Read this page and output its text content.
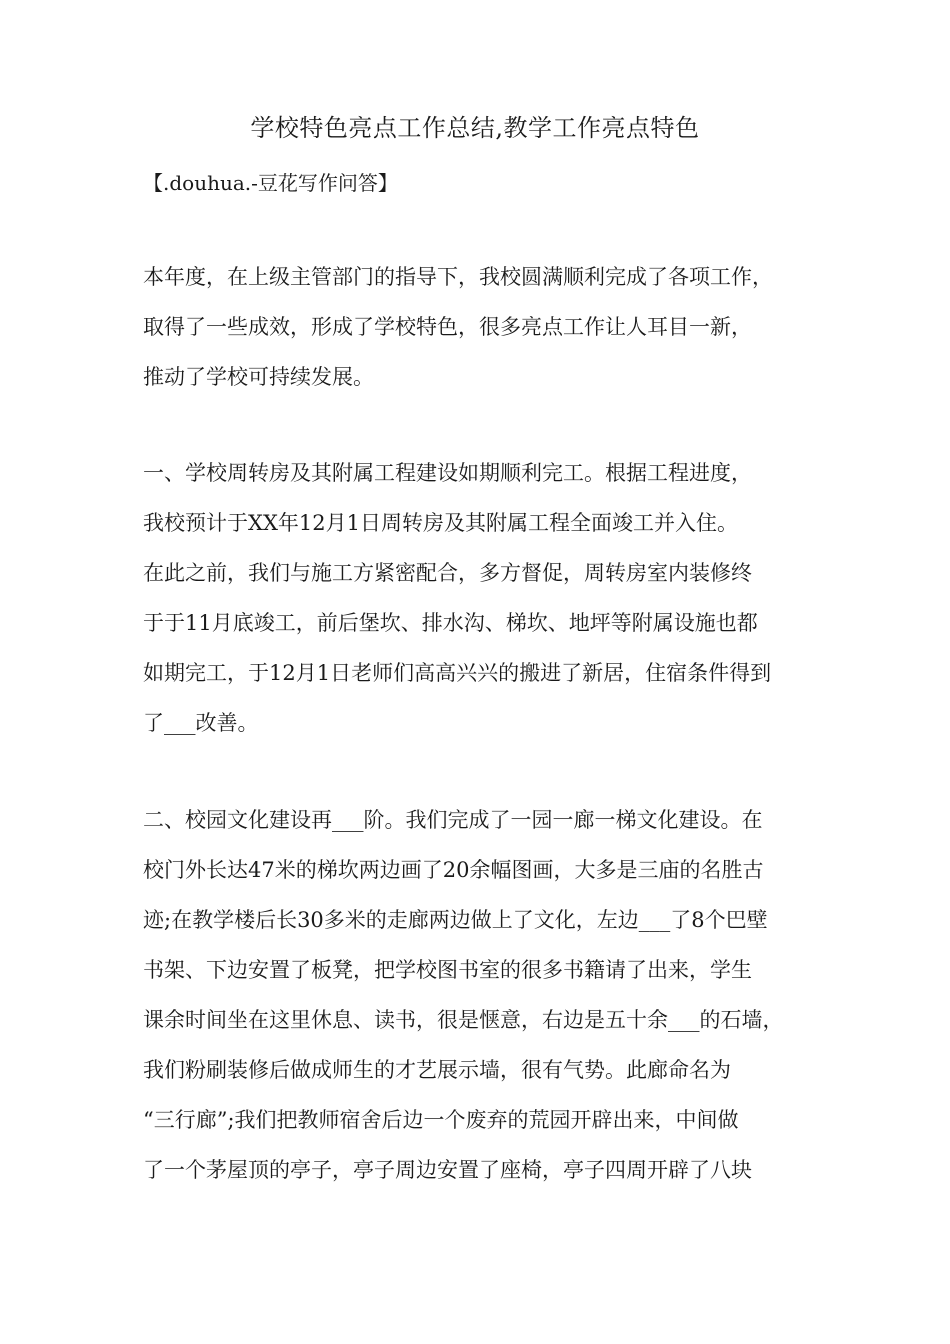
学校特色亮点工作总结,教学工作亮点特色
【.douhua.-豆花写作问答】
本年度，在上级主管部门的指导下，我校圆满顺利完成了各项工作，
取得了一些成效，形成了学校特色，很多亮点工作让人耳目一新，
推动了学校可持续发展。
一、学校周转房及其附属工程建设如期顺利完工。根据工程进度，
我校预计于XX年12月1日周转房及其附属工程全面竣工并入住。
在此之前，我们与施工方紧密配合，多方督促，周转房室内装修终
于于11月底竣工，前后堡坎、排水沟、梯坎、地坪等附属设施也都
如期完工，于12月1日老师们高高兴兴的搬进了新居，住宿条件得到
了___改善。
二、校园文化建设再___阶。我们完成了一园一廊一梯文化建设。在
校门外长达47米的梯坎两边画了20余幅图画，大多是三庙的名胜古
迹;在教学楼后长30多米的走廊两边做上了文化，左边___了8个巴壁
书架、下边安置了板凳，把学校图书室的很多书籍请了出来，学生
课余时间坐在这里休息、读书，很是惬意，右边是五十余___的石墙，
我们粉刷装修后做成师生的才艺展示墙，很有气势。此廊命名为
“三行廊”;我们把教师宿舍后边一个废弃的荒园开辟出来，中间做
了一个茅屋顶的亭子，亭子周边安置了座椅，亭子四周开辟了八块
